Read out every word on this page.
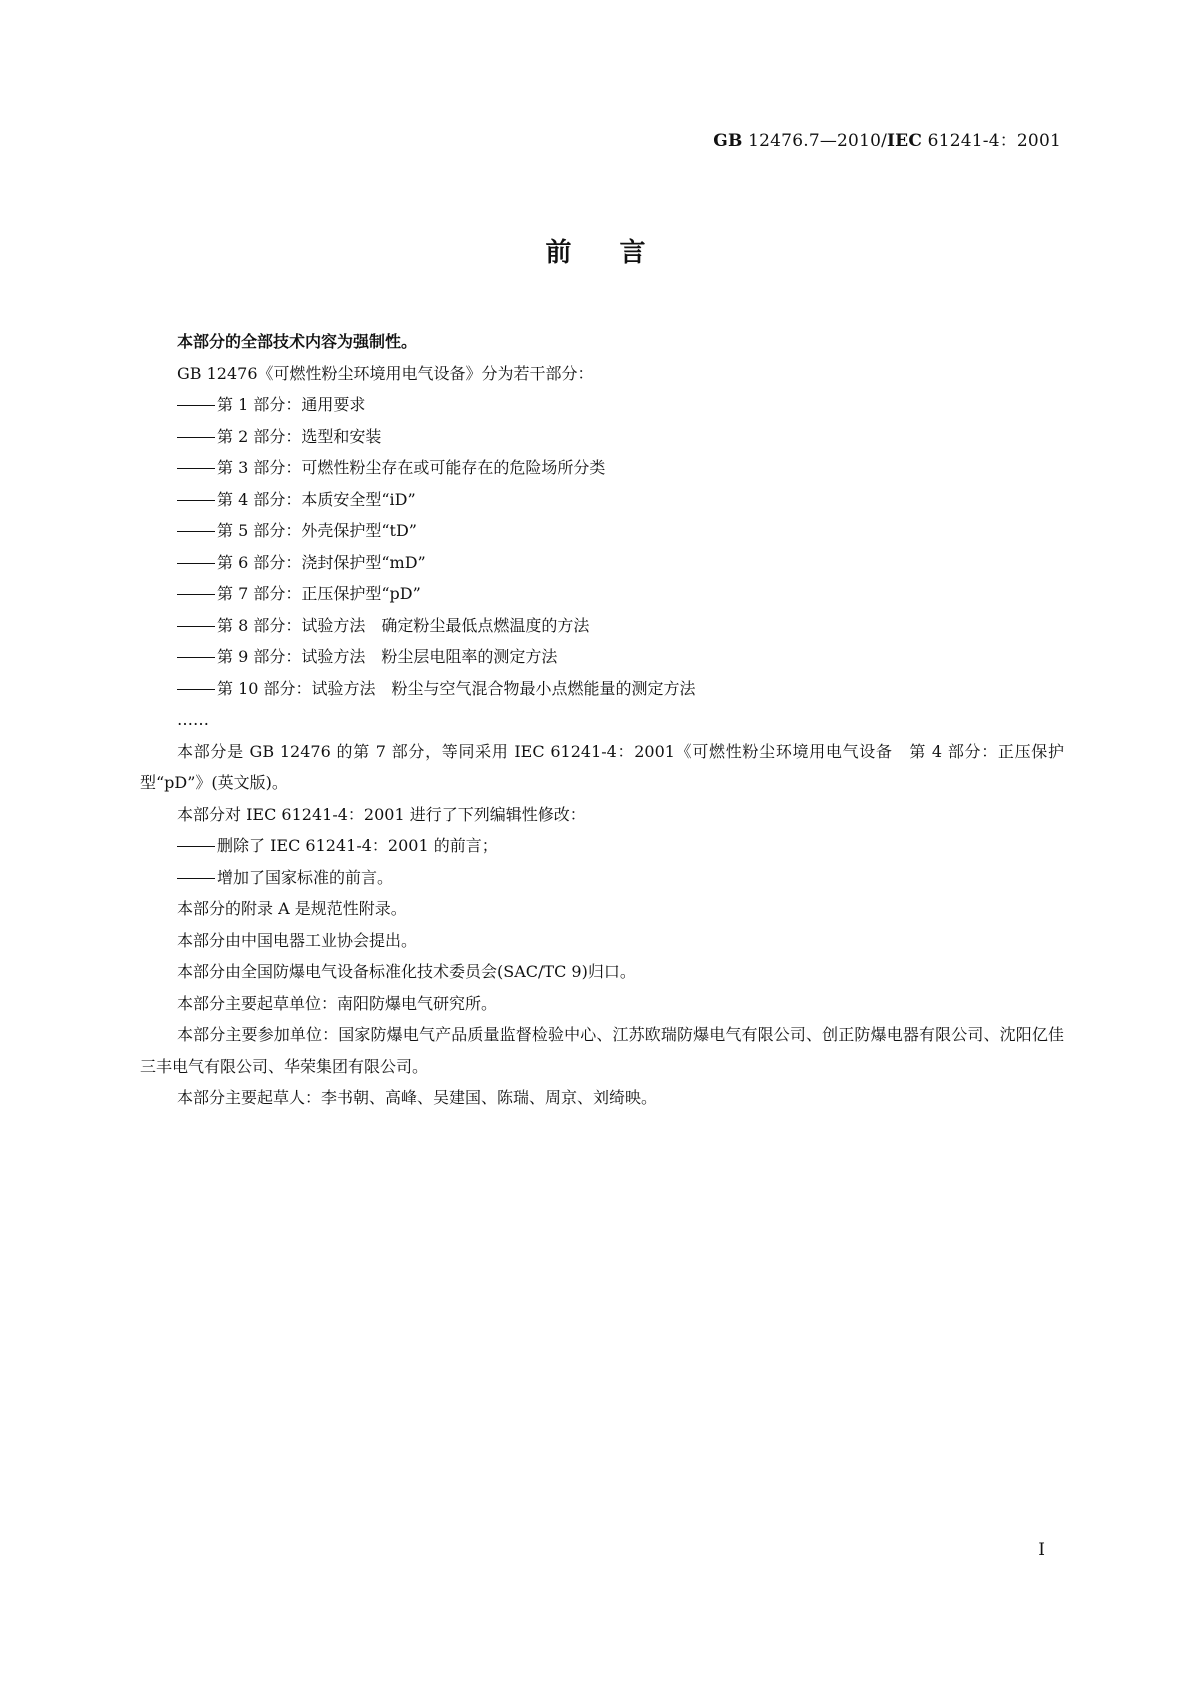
GB 12476.7—2010/IEC 61241-4：2001
前言
本部分的全部技术内容为强制性。
GB 12476《可燃性粉尘环境用电气设备》分为若干部分：
第 1 部分：通用要求
第 2 部分：选型和安装
第 3 部分：可燃性粉尘存在或可能存在的危险场所分类
第 4 部分：本质安全型“iD”
第 5 部分：外壳保护型“tD”
第 6 部分：浇封保护型“mD”
第 7 部分：正压保护型“pD”
第 8 部分：试验方法　确定粉尘最低点燃温度的方法
第 9 部分：试验方法　粉尘层电阻率的测定方法
第 10 部分：试验方法　粉尘与空气混合物最小点燃能量的测定方法
……
本部分是 GB 12476 的第 7 部分，等同采用 IEC 61241-4：2001《可燃性粉尘环境用电气设备　第 4 部分：正压保护型“pD”》(英文版)。
本部分对 IEC 61241-4：2001 进行了下列编辑性修改：
删除了 IEC 61241-4：2001 的前言；
增加了国家标准的前言。
本部分的附录 A 是规范性附录。
本部分由中国电器工业协会提出。
本部分由全国防爆电气设备标准化技术委员会(SAC/TC 9)归口。
本部分主要起草单位：南阳防爆电气研究所。
本部分主要参加单位：国家防爆电气产品质量监督检验中心、江苏欧瑞防爆电气有限公司、创正防爆电器有限公司、沈阳亿佳三丰电气有限公司、华荣集团有限公司。
本部分主要起草人：李书朝、高峰、吴建国、陈瑞、周京、刘绮映。
I
